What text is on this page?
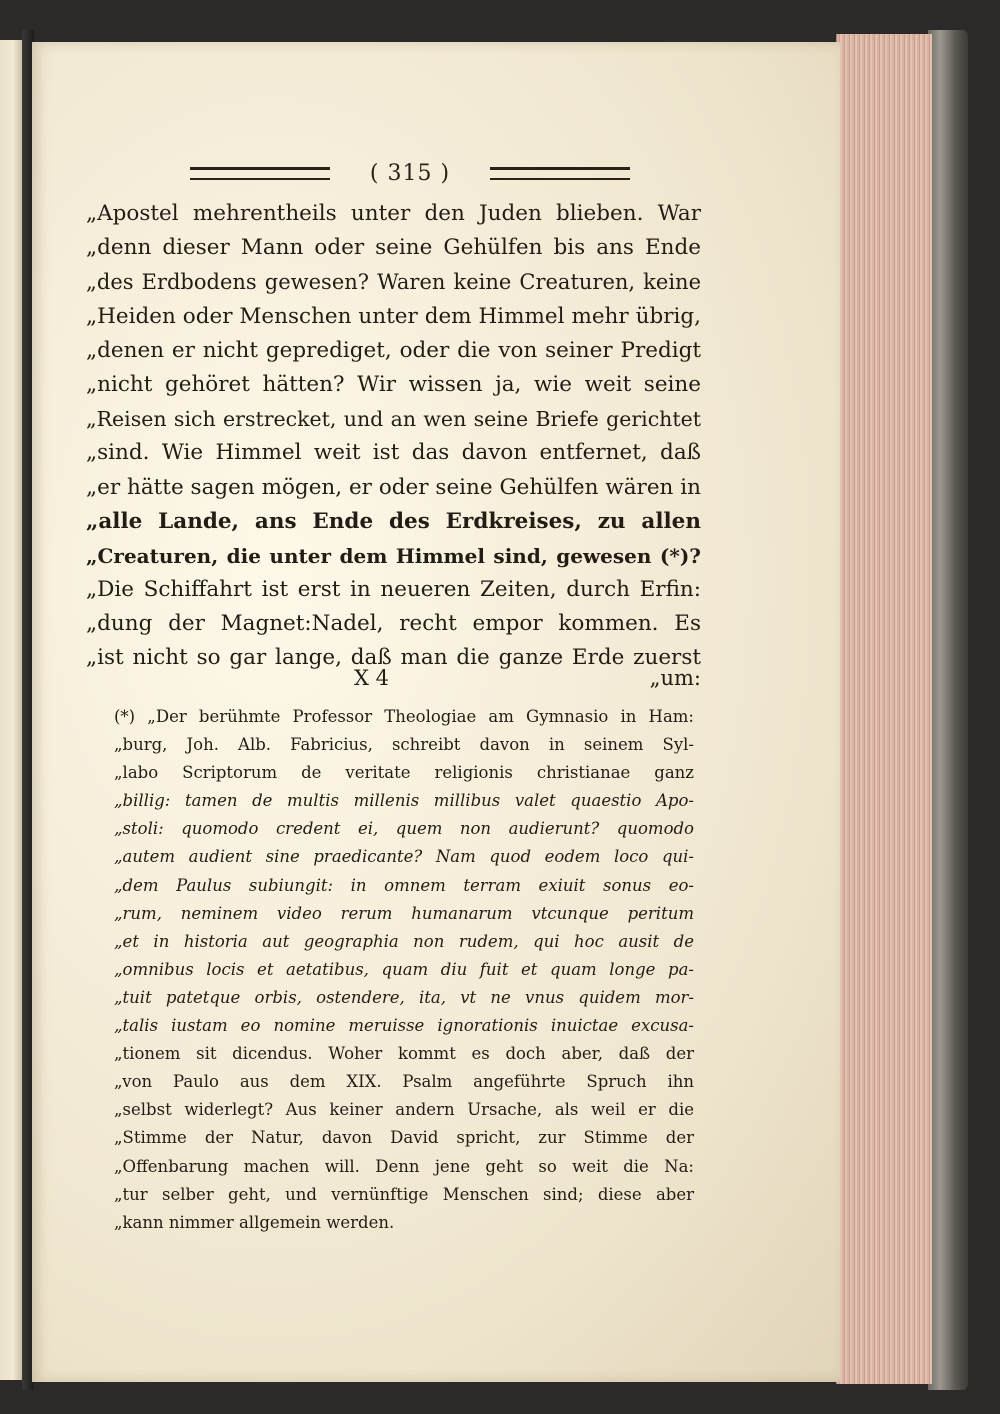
( 315 )
„Apostel mehrentheils unter den Juden blieben. War
„denn dieser Mann oder seine Gehülfen bis ans Ende
„des Erdbodens gewesen? Waren keine Creaturen, keine
„Heiden oder Menschen unter dem Himmel mehr übrig,
„denen er nicht geprediget, oder die von seiner Predigt
„nicht gehöret hätten? Wir wissen ja, wie weit seine
„Reisen sich erstrecket, und an wen seine Briefe gerichtet
„sind. Wie Himmel weit ist das davon entfernet, daß
„er hätte sagen mögen, er oder seine Gehülfen wären in
„alle Lande, ans Ende des Erdkreises, zu allen
„Creaturen, die unter dem Himmel sind, gewesen (*)?
„Die Schiffahrt ist erst in neueren Zeiten, durch Erfin:
„dung der Magnet:Nadel, recht empor kommen. Es
„ist nicht so gar lange, daß man die ganze Erde zuerst
X 4	„um:
(*) „Der berühmte Professor Theologiae am Gymnasio in Ham:
„burg, Joh. Alb. Fabricius, schreibt davon in seinem Syl-
„labo Scriptorum de veritate religionis christianae ganz
„billig: tamen de multis millenis millibus valet quaestio Apo-
„stoli: quomodo credent ei, quem non audierunt? quomodo
„autem audient sine praedicante? Nam quod eodem loco qui-
„dem Paulus subiungit: in omnem terram exiuit sonus eo-
„rum, neminem video rerum humanarum vtcunque peritum
„et in historia aut geographia non rudem, qui hoc ausit de
„omnibus locis et aetatibus, quam diu fuit et quam longe pa-
„tuit patetque orbis, ostendere, ita, vt ne vnus quidem mor-
„talis iustam eo nomine meruisse ignorationis inuictae excusa-
„tionem sit dicendus. Woher kommt es doch aber, daß der
„von Paulo aus dem XIX. Psalm angeführte Spruch ihn
„selbst widerlegt? Aus keiner andern Ursache, als weil er die
„Stimme der Natur, davon David spricht, zur Stimme der
„Offenbarung machen will. Denn jene geht so weit die Na:
„tur selber geht, und vernünftige Menschen sind; diese aber
„kann nimmer allgemein werden.
